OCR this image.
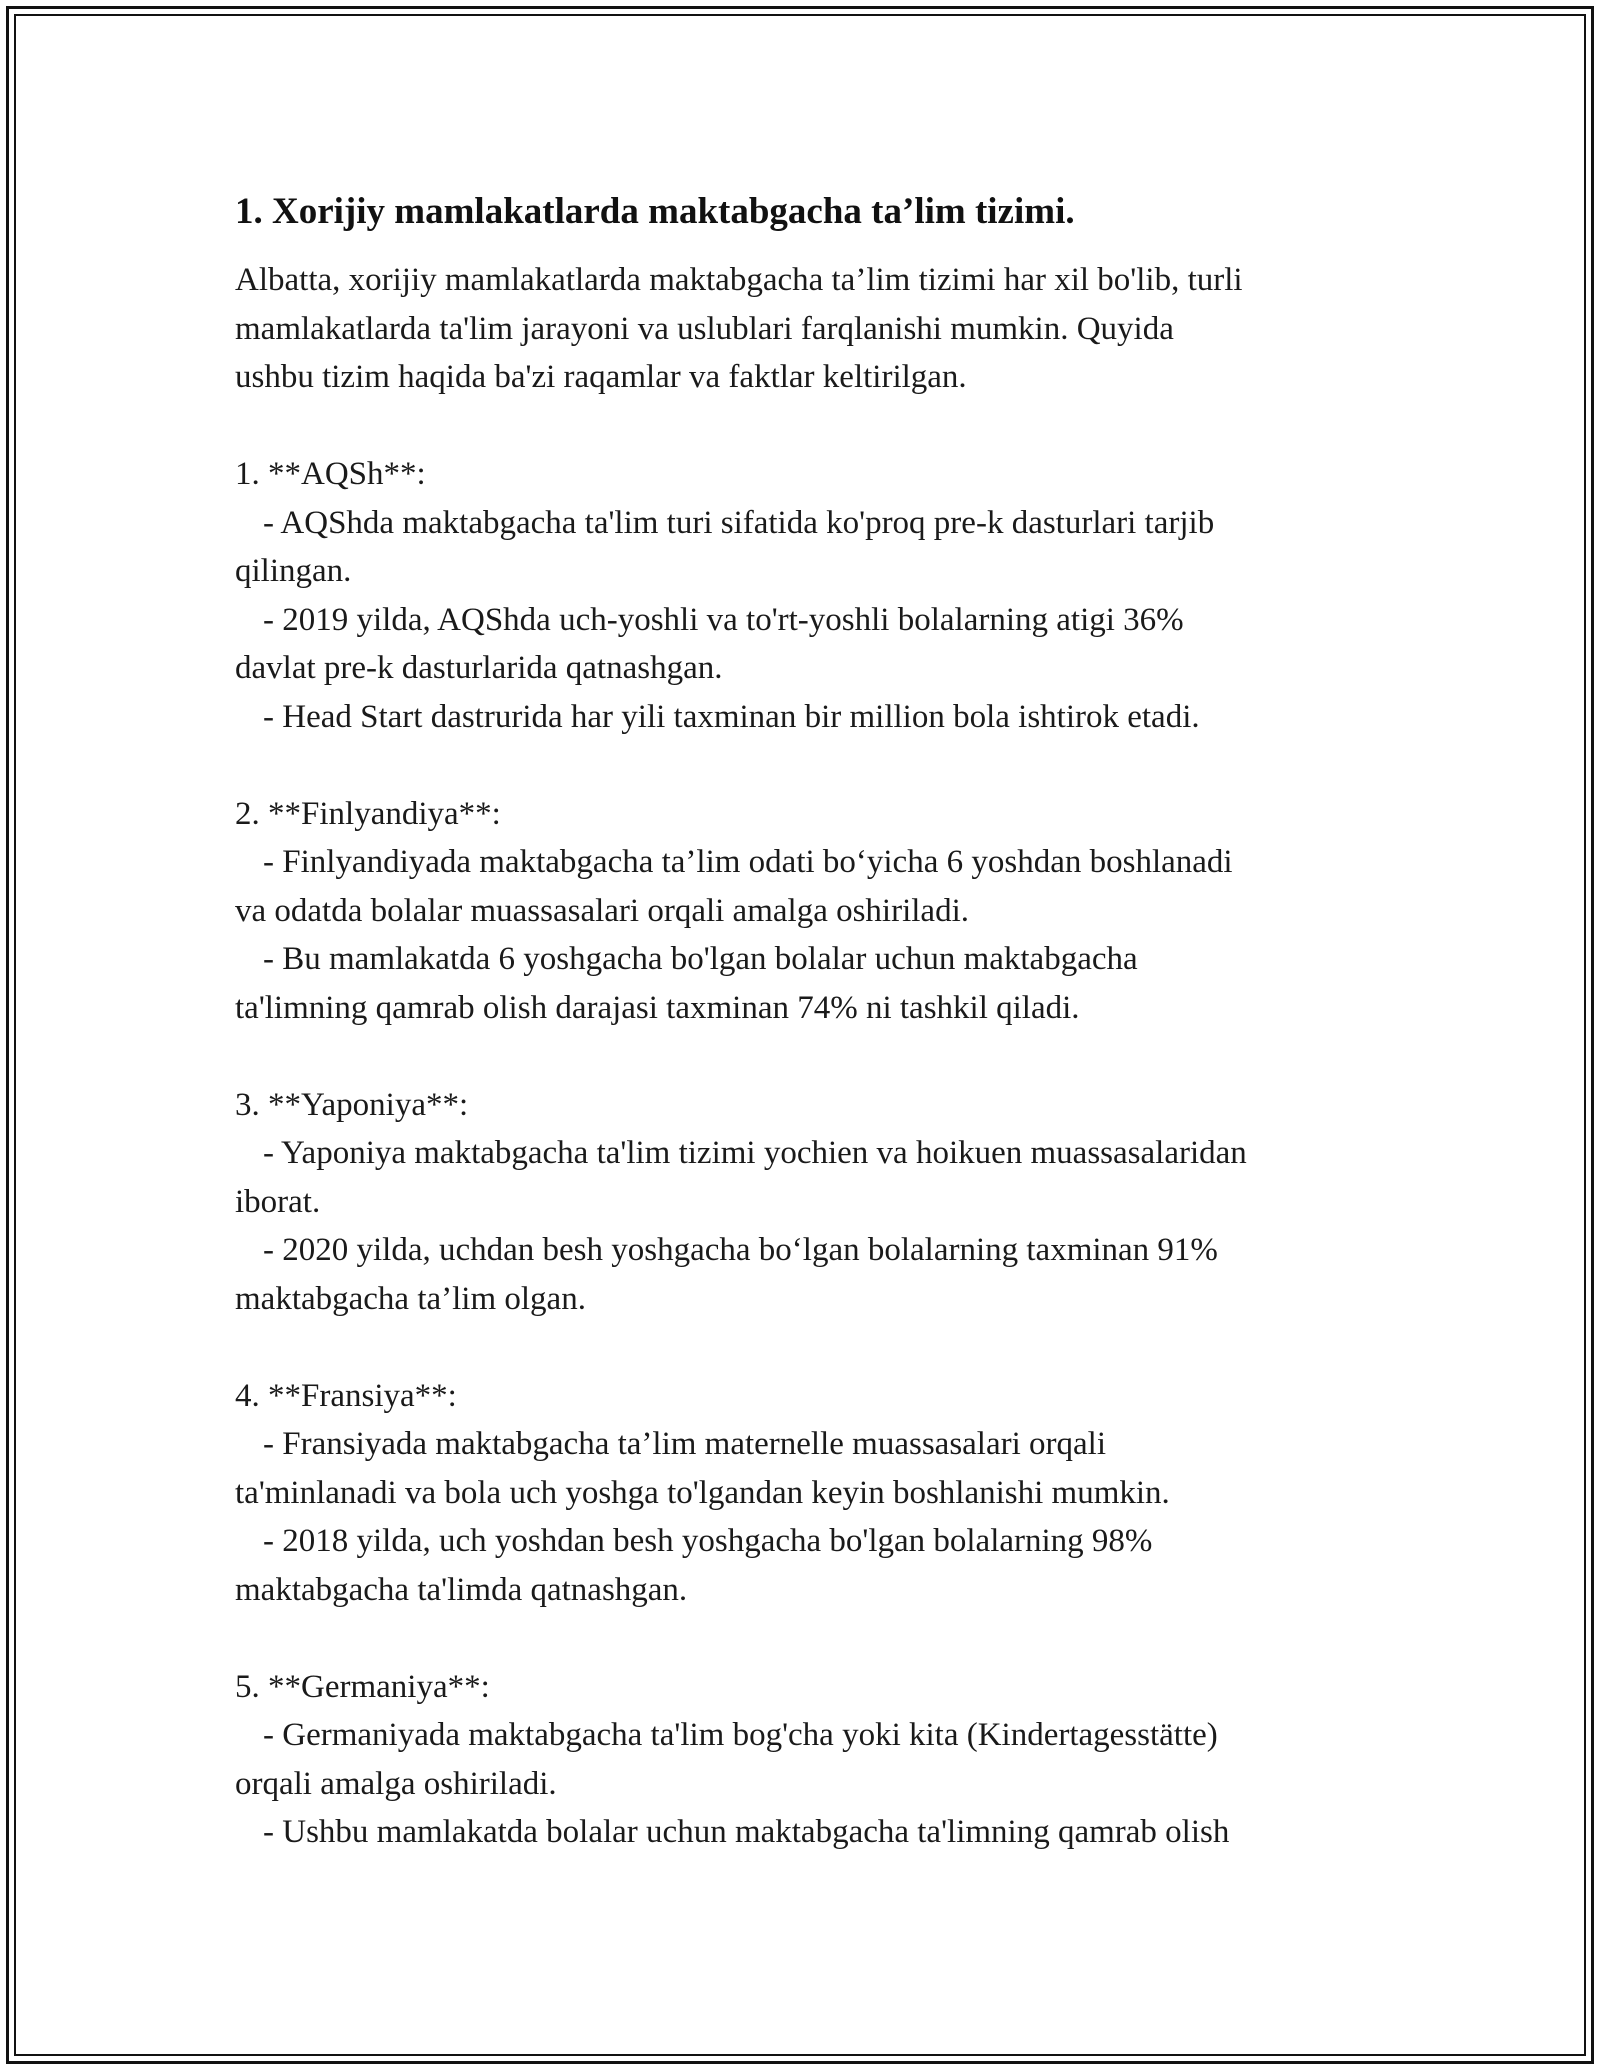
1. Xorijiy mamlakatlarda maktabgacha ta’lim tizimi.

Albatta, xorijiy mamlakatlarda maktabgacha ta’lim tizimi har xil bo'lib, turli

mamlakatlarda ta'lim jarayoni va uslublari farqlanishi mumkin. Quyida

ushbu tizim haqida ba'zi raqamlar va faktlar keltirilgan.

1. **AQSh**:

- AQShda maktabgacha ta'lim turi sifatida ko'proq pre-k dasturlari tarjib

qilingan.

- 2019 yilda, AQShda uch-yoshli va to'rt-yoshli bolalarning atigi 36%

davlat pre-k dasturlarida qatnashgan.

- Head Start dastrurida har yili taxminan bir million bola ishtirok etadi.

2. **Finlyandiya**:

- Finlyandiyada maktabgacha ta’lim odati bo‘yicha 6 yoshdan boshlanadi

va odatda bolalar muassasalari orqali amalga oshiriladi.

- Bu mamlakatda 6 yoshgacha bo'lgan bolalar uchun maktabgacha

ta'limning qamrab olish darajasi taxminan 74% ni tashkil qiladi.

3. **Yaponiya**:

- Yaponiya maktabgacha ta'lim tizimi yochien va hoikuen muassasalaridan

iborat.

- 2020 yilda, uchdan besh yoshgacha bo‘lgan bolalarning taxminan 91%

maktabgacha ta’lim olgan.

4. **Fransiya**:

- Fransiyada maktabgacha ta’lim maternelle muassasalari orqali

ta'minlanadi va bola uch yoshga to'lgandan keyin boshlanishi mumkin.

- 2018 yilda, uch yoshdan besh yoshgacha bo'lgan bolalarning 98%

maktabgacha ta'limda qatnashgan.

5. **Germaniya**:

- Germaniyada maktabgacha ta'lim bog'cha yoki kita (Kindertagesstätte)

orqali amalga oshiriladi.

- Ushbu mamlakatda bolalar uchun maktabgacha ta'limning qamrab olish
